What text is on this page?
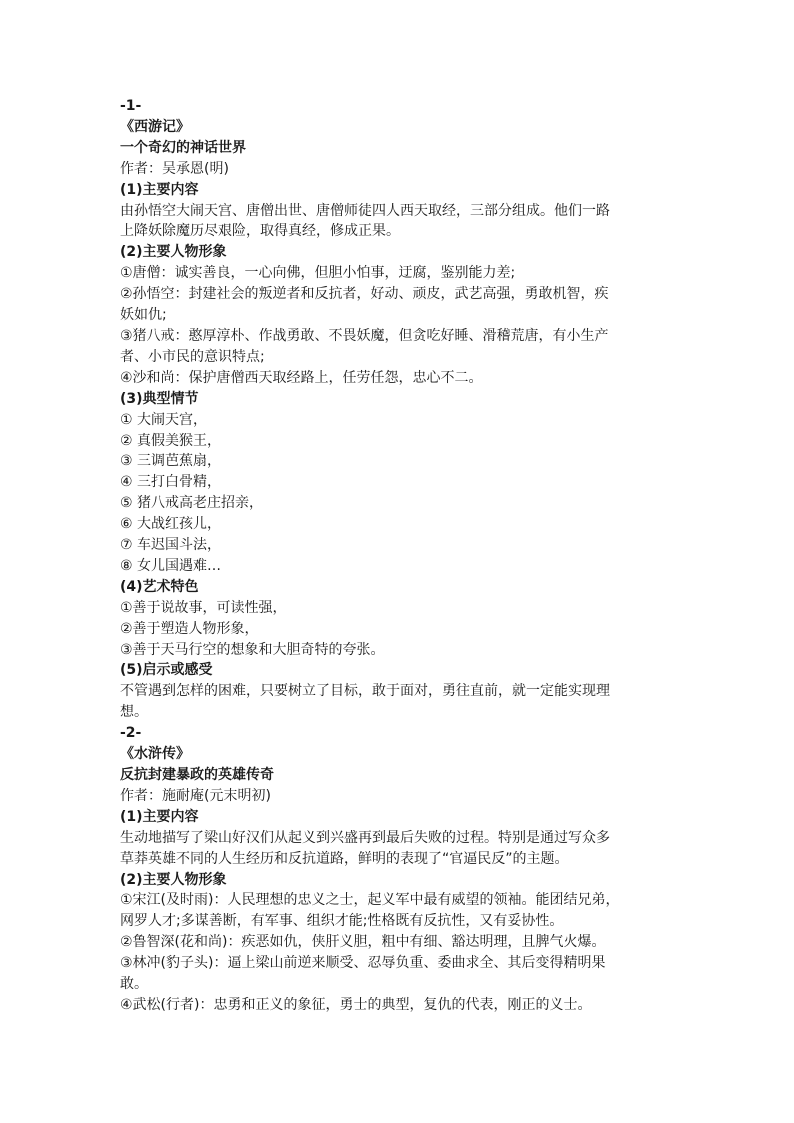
-1-
《西游记》
一个奇幻的神话世界
作者：吴承恩(明)
(1)主要内容
由孙悟空大闹天宫、唐僧出世、唐僧师徒四人西天取经，三部分组成。他们一路
上降妖除魔历尽艰险，取得真经，修成正果。
(2)主要人物形象
①唐僧：诚实善良，一心向佛，但胆小怕事，迂腐，鉴别能力差;
②孙悟空：封建社会的叛逆者和反抗者，好动、顽皮，武艺高强，勇敢机智，疾
妖如仇;
③猪八戒：憨厚淳朴、作战勇敢、不畏妖魔，但贪吃好睡、滑稽荒唐，有小生产
者、小市民的意识特点;
④沙和尚：保护唐僧西天取经路上，任劳任怨，忠心不二。
(3)典型情节
① 大闹天宫，
② 真假美猴王，
③ 三调芭蕉扇，
④ 三打白骨精，
⑤ 猪八戒高老庄招亲，
⑥ 大战红孩儿，
⑦ 车迟国斗法，
⑧ 女儿国遇难…
(4)艺术特色
①善于说故事，可读性强，
②善于塑造人物形象，
③善于天马行空的想象和大胆奇特的夸张。
(5)启示或感受
不管遇到怎样的困难，只要树立了目标，敢于面对，勇往直前，就一定能实现理
想。
-2-
《水浒传》
反抗封建暴政的英雄传奇
作者：施耐庵(元末明初)
(1)主要内容
生动地描写了梁山好汉们从起义到兴盛再到最后失败的过程。特别是通过写众多
草莽英雄不同的人生经历和反抗道路，鲜明的表现了“官逼民反”的主题。
(2)主要人物形象
①宋江(及时雨)：人民理想的忠义之士，起义军中最有威望的领袖。能团结兄弟，
网罗人才;多谋善断，有军事、组织才能;性格既有反抗性，又有妥协性。
②鲁智深(花和尚)：疾恶如仇，侠肝义胆，粗中有细、豁达明理，且脾气火爆。
③林冲(豹子头)：逼上梁山前逆来顺受、忍辱负重、委曲求全、其后变得精明果
敢。
④武松(行者)：忠勇和正义的象征，勇士的典型，复仇的代表，刚正的义士。
